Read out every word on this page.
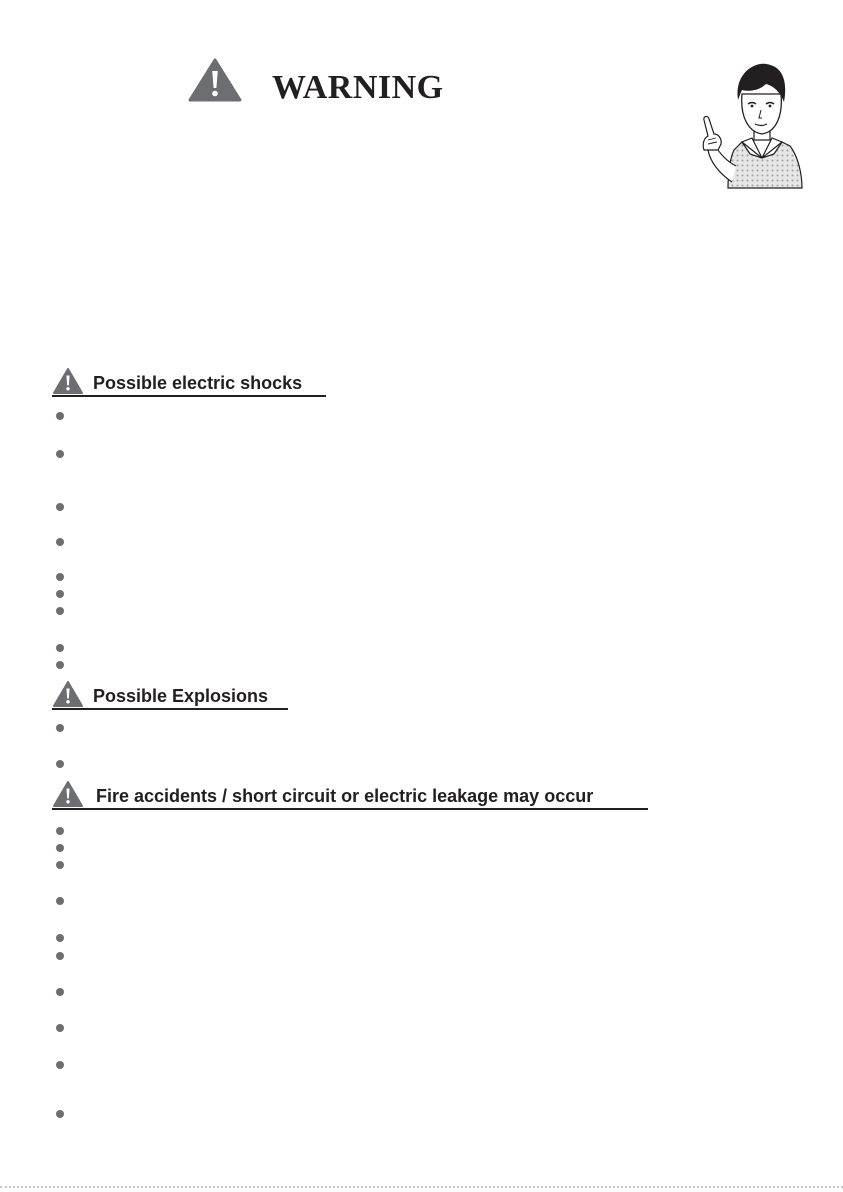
WARNING
Possible electric shocks
Possible Explosions
Fire accidents / short circuit or electric leakage may occur
